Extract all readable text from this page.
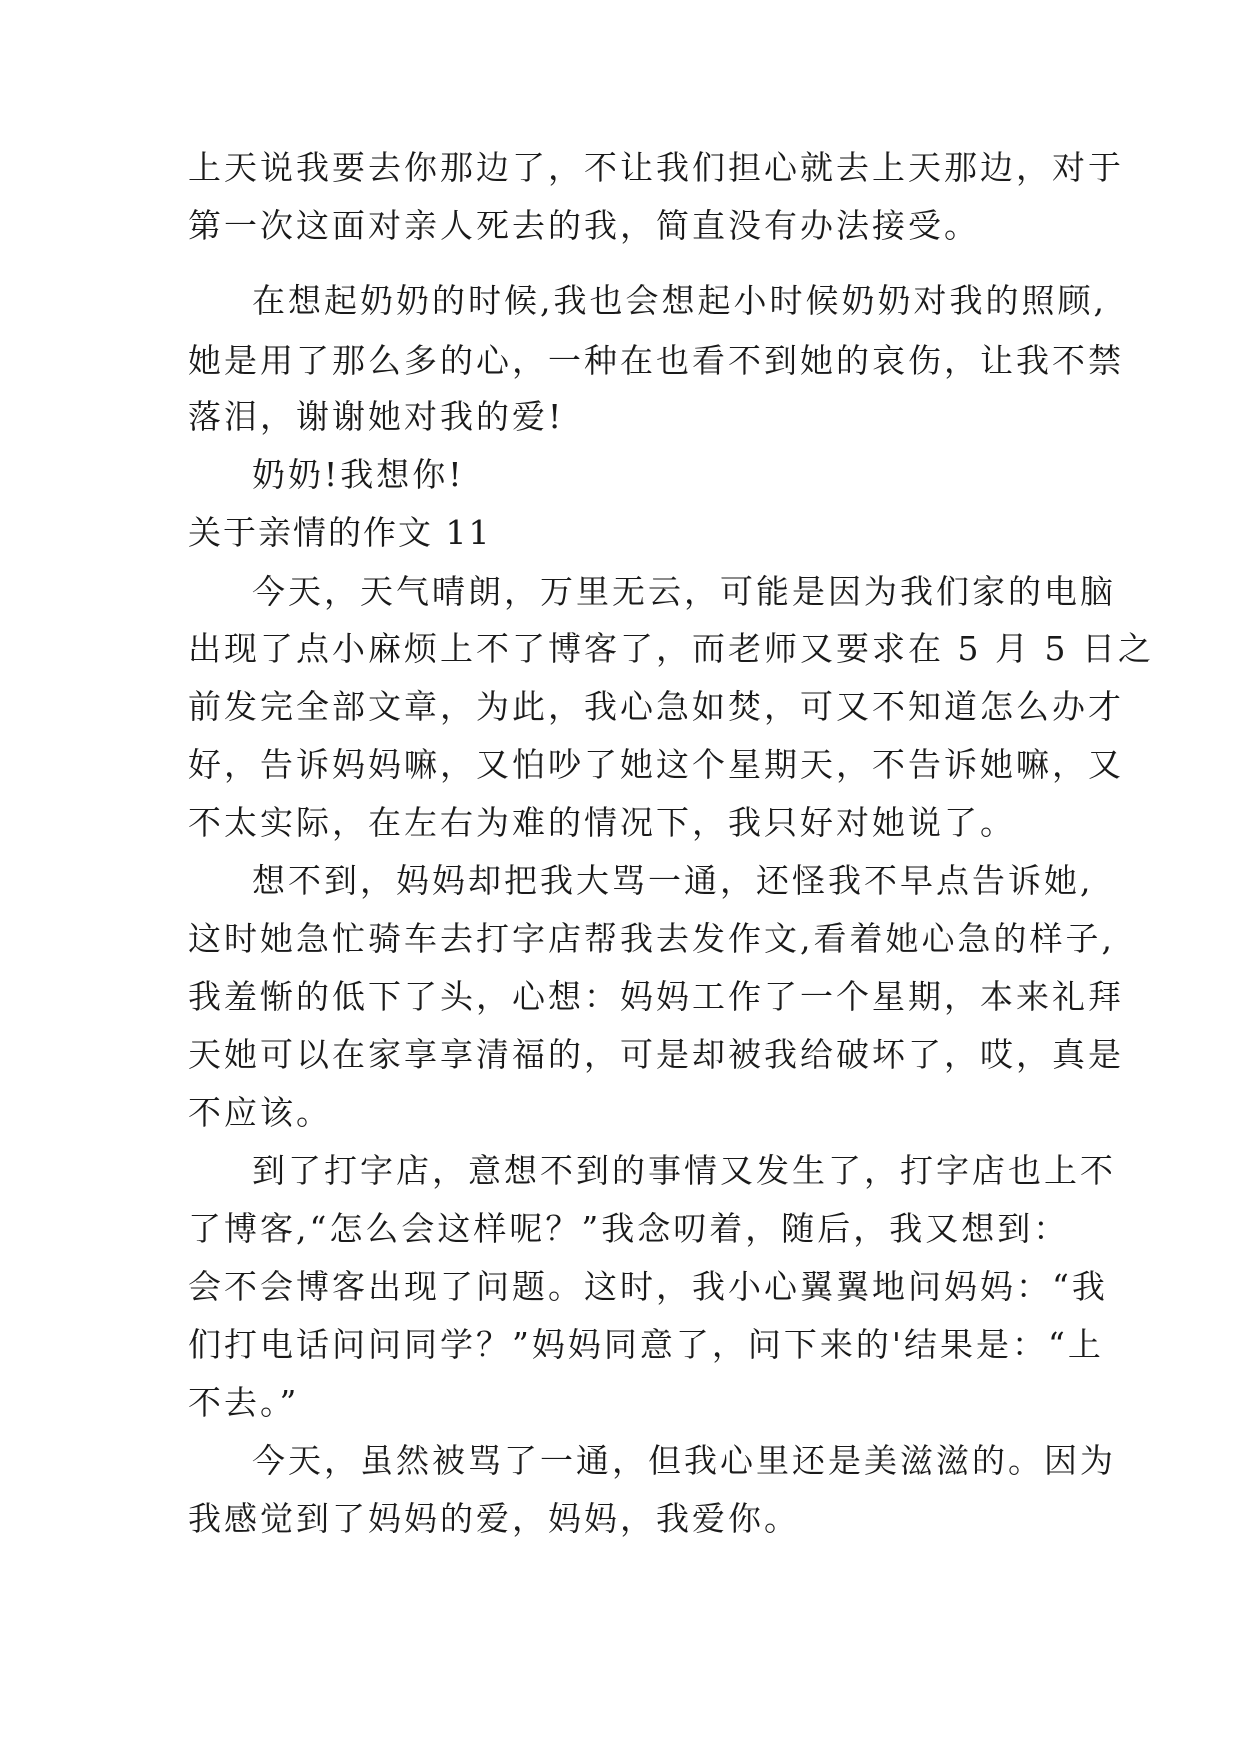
上天说我要去你那边了，不让我们担心就去上天那边，对于
第一次这面对亲人死去的我，简直没有办法接受。
在想起奶奶的时候,我也会想起小时候奶奶对我的照顾,
她是用了那么多的心，一种在也看不到她的哀伤，让我不禁
落泪，谢谢她对我的爱!
奶奶!我想你!
关于亲情的作文 11
今天，天气晴朗，万里无云，可能是因为我们家的电脑
出现了点小麻烦上不了博客了，而老师又要求在 5 月 5 日之
前发完全部文章，为此，我心急如焚，可又不知道怎么办才
好，告诉妈妈嘛，又怕吵了她这个星期天，不告诉她嘛，又
不太实际，在左右为难的情况下，我只好对她说了。
想不到，妈妈却把我大骂一通，还怪我不早点告诉她,
这时她急忙骑车去打字店帮我去发作文,看着她心急的样子,
我羞惭的低下了头，心想：妈妈工作了一个星期，本来礼拜
天她可以在家享享清福的，可是却被我给破坏了，哎，真是
不应该。
到了打字店，意想不到的事情又发生了，打字店也上不
了博客,“怎么会这样呢？”我念叨着，随后，我又想到：
会不会博客出现了问题。这时，我小心翼翼地问妈妈：“我
们打电话问问同学？”妈妈同意了，问下来的'结果是：“上
不去。”
今天，虽然被骂了一通，但我心里还是美滋滋的。因为
我感觉到了妈妈的爱，妈妈，我爱你。
